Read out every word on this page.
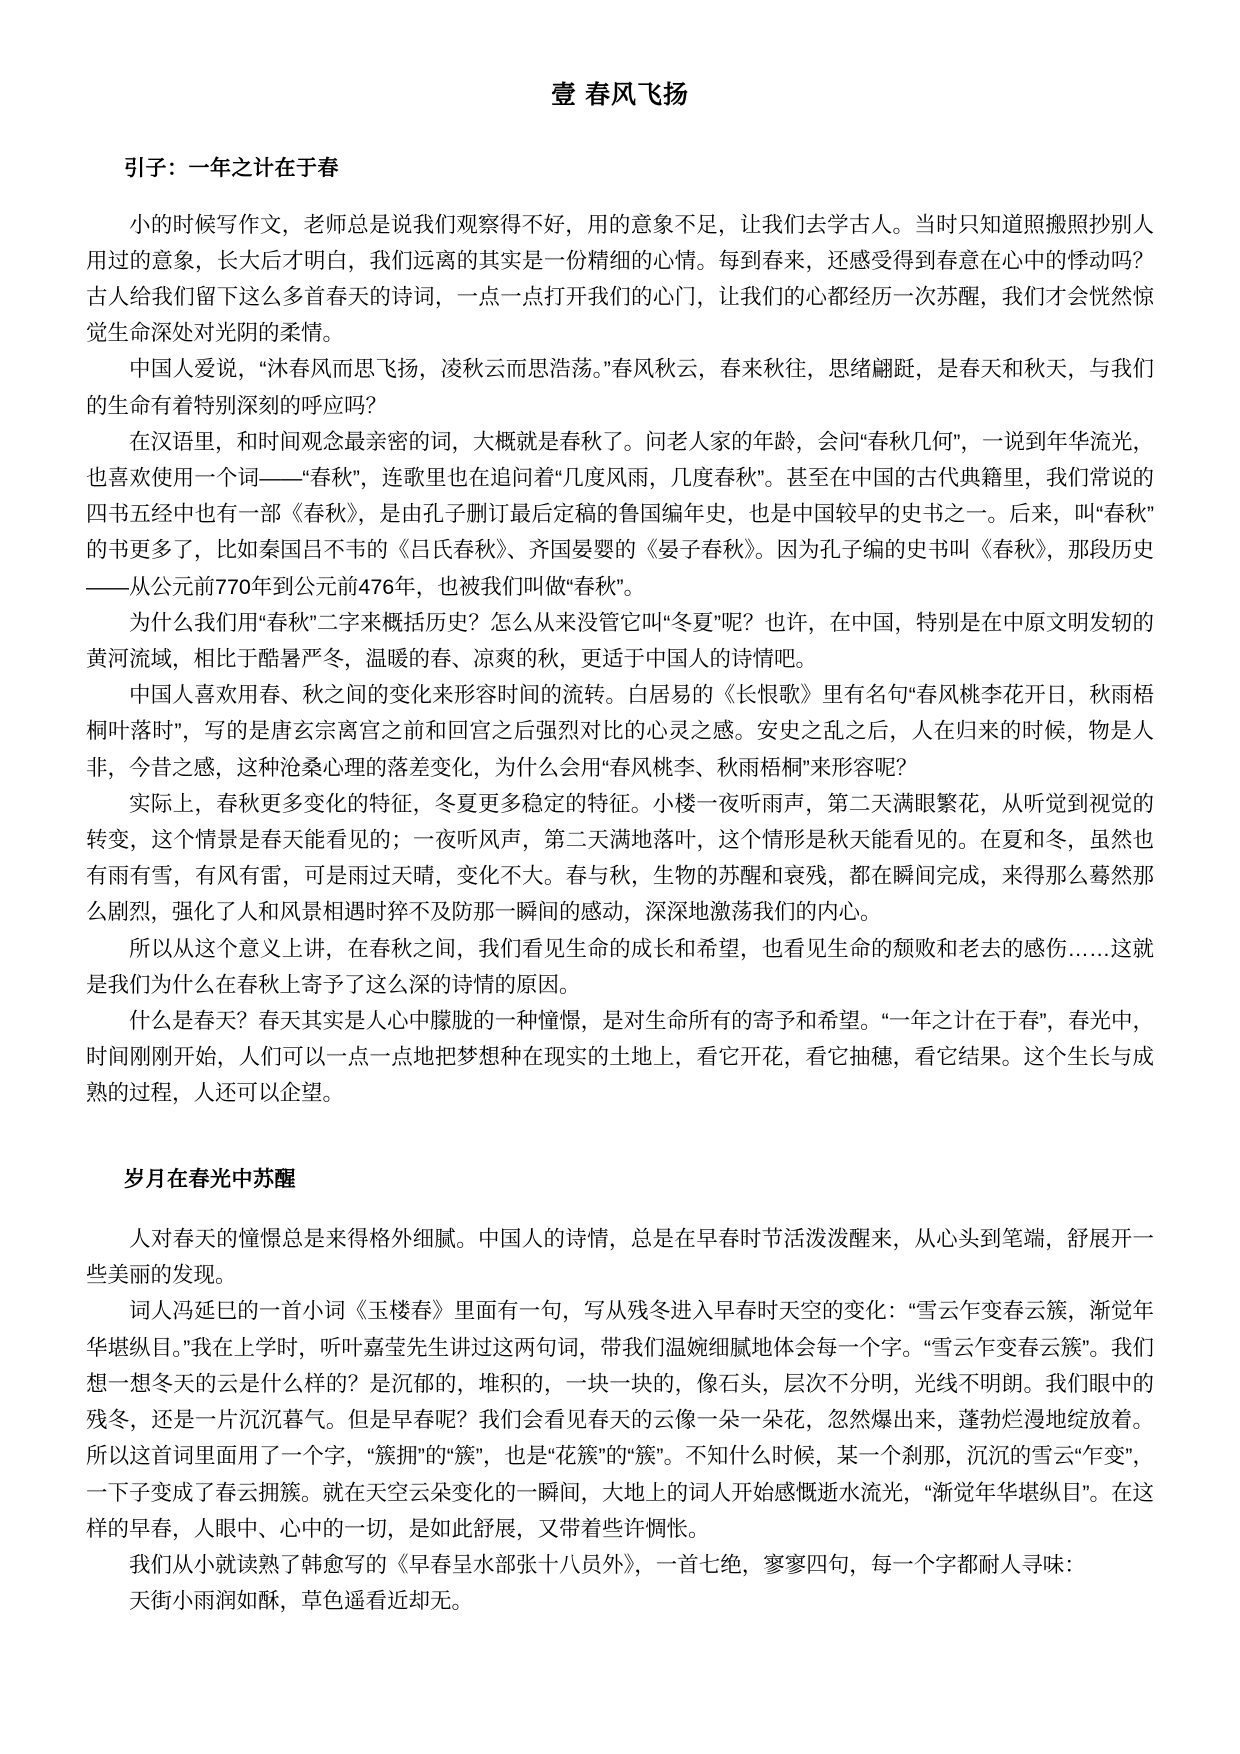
壹 春风飞扬
引子：一年之计在于春

小的时候写作文，老师总是说我们观察得不好，用的意象不足，让我们去学古人。当时只知道照搬照抄别人用过的意象，长大后才明白，我们远离的其实是一份精细的心情。每到春来，还感受得到春意在心中的悸动吗？古人给我们留下这么多首春天的诗词，一点一点打开我们的心门，让我们的心都经历一次苏醒，我们才会恍然惊觉生命深处对光阴的柔情。

中国人爱说，“沐春风而思飞扬，凌秋云而思浩荡。”春风秋云，春来秋往，思绪翩跹，是春天和秋天，与我们的生命有着特别深刻的呼应吗？

在汉语里，和时间观念最亲密的词，大概就是春秋了。问老人家的年龄，会问“春秋几何”，一说到年华流光，也喜欢使用一个词——“春秋”，连歌里也在追问着“几度风雨，几度春秋”。甚至在中国的古代典籍里，我们常说的四书五经中也有一部《春秋》，是由孔子删订最后定稿的鲁国编年史，也是中国较早的史书之一。后来，叫“春秋”的书更多了，比如秦国吕不韦的《吕氏春秋》、齐国晏婴的《晏子春秋》。因为孔子编的史书叫《春秋》，那段历史——从公元前770年到公元前476年，也被我们叫做“春秋”。

为什么我们用“春秋”二字来概括历史？怎么从来没管它叫“冬夏”呢？也许，在中国，特别是在中原文明发轫的黄河流域，相比于酷暑严冬，温暖的春、凉爽的秋，更适于中国人的诗情吧。

中国人喜欢用春、秋之间的变化来形容时间的流转。白居易的《长恨歌》里有名句“春风桃李花开日，秋雨梧桐叶落时”，写的是唐玄宗离宫之前和回宫之后强烈对比的心灵之感。安史之乱之后，人在归来的时候，物是人非，今昔之感，这种沧桑心理的落差变化，为什么会用“春风桃李、秋雨梧桐”来形容呢？

实际上，春秋更多变化的特征，冬夏更多稳定的特征。小楼一夜听雨声，第二天满眼繁花，从听觉到视觉的转变，这个情景是春天能看见的；一夜听风声，第二天满地落叶，这个情形是秋天能看见的。在夏和冬，虽然也有雨有雪，有风有雷，可是雨过天晴，变化不大。春与秋，生物的苏醒和衰残，都在瞬间完成，来得那么蓦然那么剧烈，强化了人和风景相遇时猝不及防那一瞬间的感动，深深地激荡我们的内心。

所以从这个意义上讲，在春秋之间，我们看见生命的成长和希望，也看见生命的颓败和老去的感伤……这就是我们为什么在春秋上寄予了这么深的诗情的原因。

什么是春天？春天其实是人心中朦胧的一种憧憬，是对生命所有的寄予和希望。“一年之计在于春”，春光中，时间刚刚开始，人们可以一点一点地把梦想种在现实的土地上，看它开花，看它抽穗，看它结果。这个生长与成熟的过程，人还可以企望。

岁月在春光中苏醒

人对春天的憧憬总是来得格外细腻。中国人的诗情，总是在早春时节活泼泼醒来，从心头到笔端，舒展开一些美丽的发现。

词人冯延巳的一首小词《玉楼春》里面有一句，写从残冬进入早春时天空的变化：“雪云乍变春云簇，渐觉年华堪纵目。”我在上学时，听叶嘉莹先生讲过这两句词，带我们温婉细腻地体会每一个字。“雪云乍变春云簇”。我们想一想冬天的云是什么样的？是沉郁的，堆积的，一块一块的，像石头，层次不分明，光线不明朗。我们眼中的残冬，还是一片沉沉暮气。但是早春呢？我们会看见春天的云像一朵一朵花，忽然爆出来，蓬勃烂漫地绽放着。所以这首词里面用了一个字，“簇拥”的“簇”，也是“花簇”的“簇”。不知什么时候，某一个刹那，沉沉的雪云“乍变”，一下子变成了春云拥簇。就在天空云朵变化的一瞬间，大地上的词人开始感慨逝水流光，“渐觉年华堪纵目”。在这样的早春，人眼中、心中的一切，是如此舒展，又带着些许惆怅。

我们从小就读熟了韩愈写的《早春呈水部张十八员外》，一首七绝，寥寥四句，每一个字都耐人寻味：

天街小雨润如酥，草色遥看近却无。
